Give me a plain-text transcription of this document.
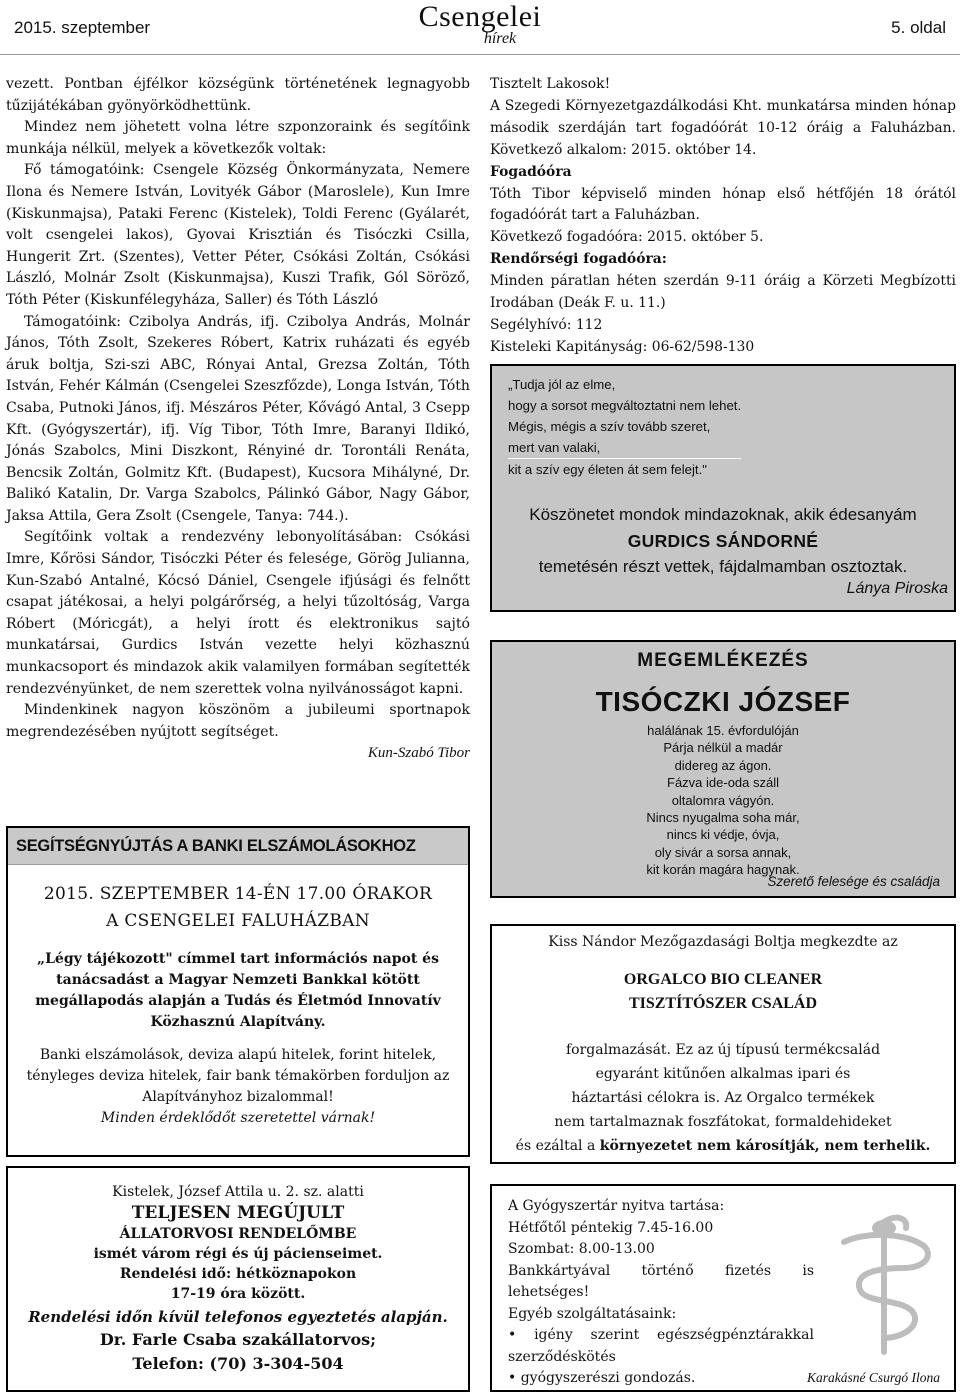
2015. szeptember	Csengelei
hírek
5. oldal

vezett. Pontban éjfélkor községünk történetének legnagyobb tűzijátékában gyönyörködhettünk.

Mindez nem jöhetett volna létre szponzoraink és segítőink munkája nélkül, melyek a következők voltak:

Fő támogatóink: Csengele Község Önkormányzata, Nemere Ilona és Nemere István, Lovityék Gábor (Maroslele), Kun Imre (Kiskunmajsa), Pataki Ferenc (Kistelek), Toldi Ferenc (Gyálarét, volt csengelei lakos), Gyovai Krisztián és Tisóczki Csilla, Hungerit Zrt. (Szentes), Vetter Péter, Csókási Zoltán, Csókási László, Molnár Zsolt (Kiskunmajsa), Kuszi Trafik, Gól Söröző, Tóth Péter (Kiskunfélegyháza, Saller) és Tóth László

Támogatóink: Czibolya András, ifj. Czibolya András, Molnár János, Tóth Zsolt, Szekeres Róbert, Katrix ruházati és egyéb áruk boltja, Szi-szi ABC, Rónyai Antal, Grezsa Zoltán, Tóth István, Fehér Kálmán (Csengelei Szeszfőzde), Longa István, Tóth Csaba, Putnoki János, ifj. Mészáros Péter, Kővágó Antal, 3 Csepp Kft. (Gyógyszertár), ifj. Víg Tibor, Tóth Imre, Baranyi Ildikó, Jónás Szabolcs, Mini Diszkont, Rényiné dr. Torontáli Renáta, Bencsik Zoltán, Golmitz Kft. (Budapest), Kucsora Mihályné, Dr. Balikó Katalin, Dr. Varga Szabolcs, Pálinkó Gábor, Nagy Gábor, Jaksa Attila, Gera Zsolt (Csengele, Tanya: 744.).

Segítőink voltak a rendezvény lebonyolításában: Csókási Imre, Kőrösi Sándor, Tisóczki Péter és felesége, Görög Julianna, Kun-Szabó Antalné, Kócsó Dániel, Csengele ifjúsági és felnőtt csapat játékosai, a helyi polgárőrség, a helyi tűzoltóság, Varga Róbert (Móricgát), a helyi írott és elektronikus sajtó munkatársai, Gurdics István vezette helyi közhasznú munkacsoport és mindazok akik valamilyen formában segítették rendezvényünket, de nem szerettek volna nyilvánosságot kapni.

Mindenkinek nagyon köszönöm a jubileumi sportnapok megrendezésében nyújtott segítséget.

Kun-Szabó Tibor
SEGÍTSÉGNYÚJTÁS A BANKI ELSZÁMOLÁSOKHOZ
2015. SZEPTEMBER 14-ÉN 17.00 ÓRAKOR
A CSENGELEI FALUHÁZBAN
„Légy tájékozott" címmel tart információs napot és tanácsadást a Magyar Nemzeti Bankkal kötött megállapodás alapján a Tudás és Életmód Innovatív Közhasznú Alapítvány.
Banki elszámolások, deviza alapú hitelek, forint hitelek, tényleges deviza hitelek, fair bank témakörben forduljon az Alapítványhoz bizalommal!
Minden érdeklődőt szeretettel várnak!
Kistelek, József Attila u. 2. sz. alatti
TELJESEN MEGÚJULT
ÁLLATORVOSI RENDELŐMBE
ismét várom régi és új pácienseimet.
Rendelési idő: hétköznapokon
17-19 óra között.
Rendelési időn kívül telefonos egyeztetés alapján.
Dr. Farle Csaba szakállatorvos;
Telefon: (70) 3-304-504

Tisztelt Lakosok!

A Szegedi Környezetgazdálkodási Kht. munkatársa minden hónap második szerdáján tart fogadóórát 10-12 óráig a Faluházban. Következő alkalom: 2015. október 14.

Fogadóóra

Tóth Tibor képviselő minden hónap első hétfőjén 18 órától fogadóórát tart a Faluházban.

Következő fogadóóra: 2015. október 5.

Rendőrségi fogadóóra:

Minden páratlan héten szerdán 9-11 óráig a Körzeti Megbízotti Irodában (Deák F. u. 11.)

Segélyhívó: 112

Kisteleki Kapitányság: 06-62/598-130

„Tudja jól az elme,
hogy a sorsot megváltoztatni nem lehet.
Mégis, mégis a szív tovább szeret,
mert van valaki,
kit a szív egy életen át sem felejt."
Köszönetet mondok mindazoknak, akik édesanyám
GURDICS SÁNDORNÉ
temetésén részt vettek, fájdalmamban osztoztak.
Lánya Piroska
MEGEMLÉKEZÉS
TISÓCZKI JÓZSEF
halálának 15. évfordulóján
Párja nélkül a madár
didereg az ágon.
Fázva ide-oda száll
oltalomra vágyón.
Nincs nyugalma soha már,
nincs ki védje, óvja,
oly sivár a sorsa annak,
kit korán magára hagynak.
Szerető felesége és családja
Kiss Nándor Mezőgazdasági Boltja megkezdte az
ORGALCO BIO CLEANER
TISZTÍTÓSZER CSALÁD
forgalmazását. Ez az új típusú termékcsalád
egyaránt kitűnően alkalmas ipari és
háztartási célokra is. Az Orgalco termékek
nem tartalmaznak foszfátokat, formaldehideket
és ezáltal a környezetet nem károsítják, nem terhelik.

A Gyógyszertár nyitva tartása:

Hétfőtől péntekig 7.45-16.00

Szombat: 8.00-13.00

Bankkártyával történő fizetés is lehetséges!

Egyéb szolgáltatásaink:

• igény szerint egészségpénztárakkal szerződéskötés

• gyógyszerészi gondozás.	Karakásné Csurgó Ilona
